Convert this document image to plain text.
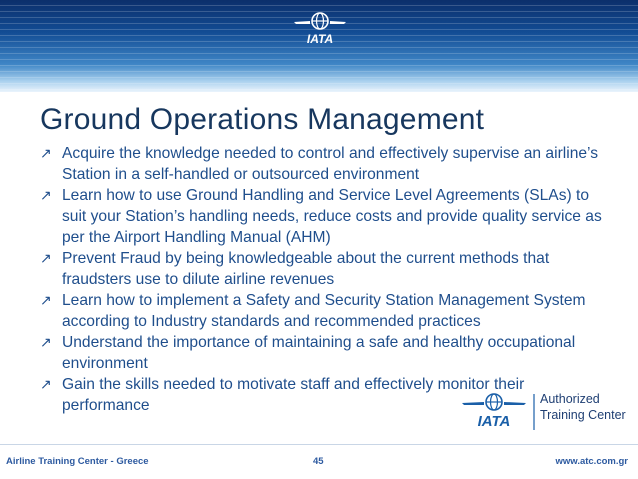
IATA
Ground Operations Management
↗ Acquire the knowledge needed to control and effectively supervise an airline’s Station in a self-handled or outsourced environment
↗ Learn how to use Ground Handling and Service Level Agreements (SLAs) to suit your Station’s handling needs, reduce costs and provide quality service as per the Airport Handling Manual (AHM)
↗ Prevent Fraud by being knowledgeable about the current methods that fraudsters use to dilute airline revenues
↗ Learn how to implement a Safety and Security Station Management System according to Industry standards and recommended practices
↗ Understand the importance of maintaining a safe and healthy occupational environment
↗ Gain the skills needed to motivate staff and effectively monitor their performance
IATA
Authorized
Training Center
Airline Training Center - Greece	45	www.atc.com.gr
